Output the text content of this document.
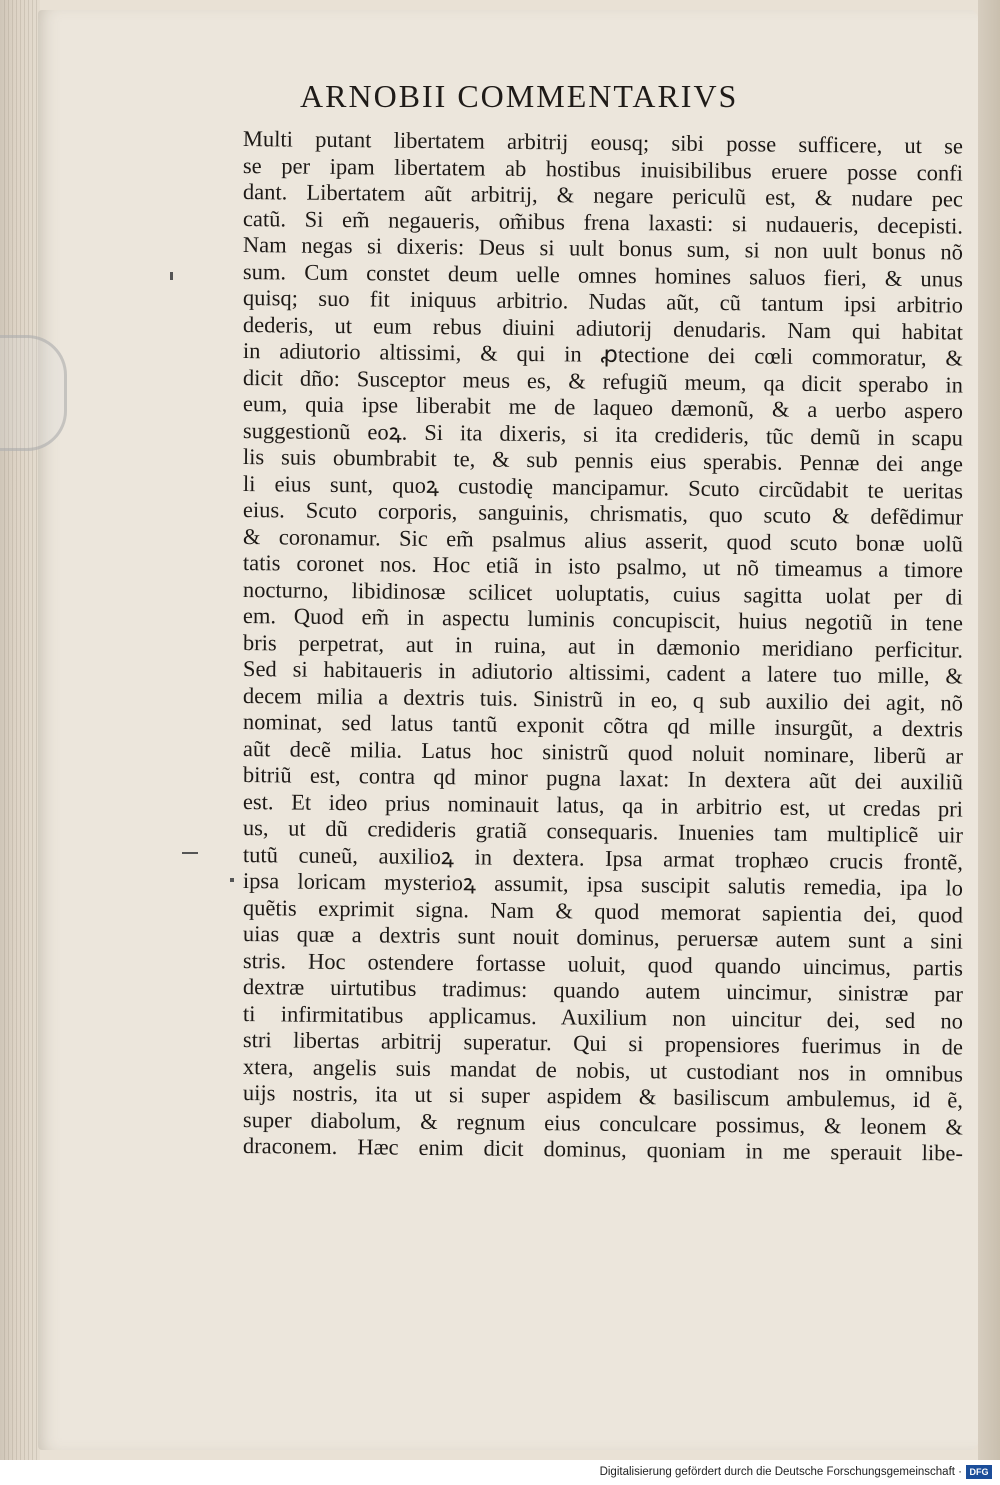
ARNOBII COMMENTARIVS
Multi putant libertatem arbitrij eousq; sibi posse sufficere, ut se
se per ipam libertatem ab hostibus inuisibilibus eruere posse confi
dant. Libertatem aũt arbitrij, & negare periculũ est, & nudare pec
catũ. Si em̃ negaueris, om̃ibus frena laxasti: si nudaueris, decepisti.
Nam negas si dixeris: Deus si uult bonus sum, si non uult bonus nõ
sum. Cum constet deum uelle omnes homines saluos fieri, & unus
quisq; suo fit iniquus arbitrio. Nudas aũt, cũ tantum ipsi arbitrio
dederis, ut eum rebus diuini adiutorij denudaris. Nam qui habitat
in adiutorio altissimi, & qui in ꝓtectione dei cœli commoratur, &
dicit dño: Susceptor meus es, & refugiũ meum, qa dicit sperabo in
eum, quia ipse liberabit me de laqueo dæmonũ, & a uerbo aspero
suggestionũ eoꝝ. Si ita dixeris, si ita credideris, tũc demũ in scapu
lis suis obumbrabit te, & sub pennis eius sperabis. Pennæ dei ange
li eius sunt, quoꝝ custodię mancipamur. Scuto circũdabit te ueritas
eius. Scuto corporis, sanguinis, chrismatis, quo scuto & defẽdimur
& coronamur. Sic em̃ psalmus alius asserit, quod scuto bonæ uolũ
tatis coronet nos. Hoc etiã in isto psalmo, ut nõ timeamus a timore
nocturno, libidinosæ scilicet uoluptatis, cuius sagitta uolat per di
em. Quod em̃ in aspectu luminis concupiscit, huius negotiũ in tene
bris perpetrat, aut in ruina, aut in dæmonio meridiano perficitur.
Sed si habitaueris in adiutorio altissimi, cadent a latere tuo mille, &
decem milia a dextris tuis. Sinistrũ in eo, q sub auxilio dei agit, nõ
nominat, sed latus tantũ exponit cõtra qd mille insurgũt, a dextris
aũt decẽ milia. Latus hoc sinistrũ quod noluit nominare, liberũ ar
bitriũ est, contra qd minor pugna laxat: In dextera aũt dei auxiliũ
est. Et ideo prius nominauit latus, qa in arbitrio est, ut credas pri
us, ut dũ credideris gratiã consequaris. Inuenies tam multiplicẽ uir
tutũ cuneũ, auxilioꝝ in dextera. Ipsa armat trophæo crucis frontẽ,
ipsa loricam mysterioꝝ assumit, ipsa suscipit salutis remedia, ipa lo
quẽtis exprimit signa. Nam & quod memorat sapientia dei, quod
uias quæ a dextris sunt nouit dominus, peruersæ autem sunt a sini
stris. Hoc ostendere fortasse uoluit, quod quando uincimus, partis
dextræ uirtutibus tradimus: quando autem uincimur, sinistræ par
ti infirmitatibus applicamus. Auxilium non uincitur dei, sed no
stri libertas arbitrij superatur. Qui si propensiores fuerimus in de
xtera, angelis suis mandat de nobis, ut custodiant nos in omnibus
uijs nostris, ita ut si super aspidem & basiliscum ambulemus, id ẽ,
super diabolum, & regnum eius conculcare possimus, & leonem &
draconem. Hæc enim dicit dominus, quoniam in me sperauit libe-
Digitalisierung gefördert durch die Deutsche Forschungsgemeinschaft · DFG
